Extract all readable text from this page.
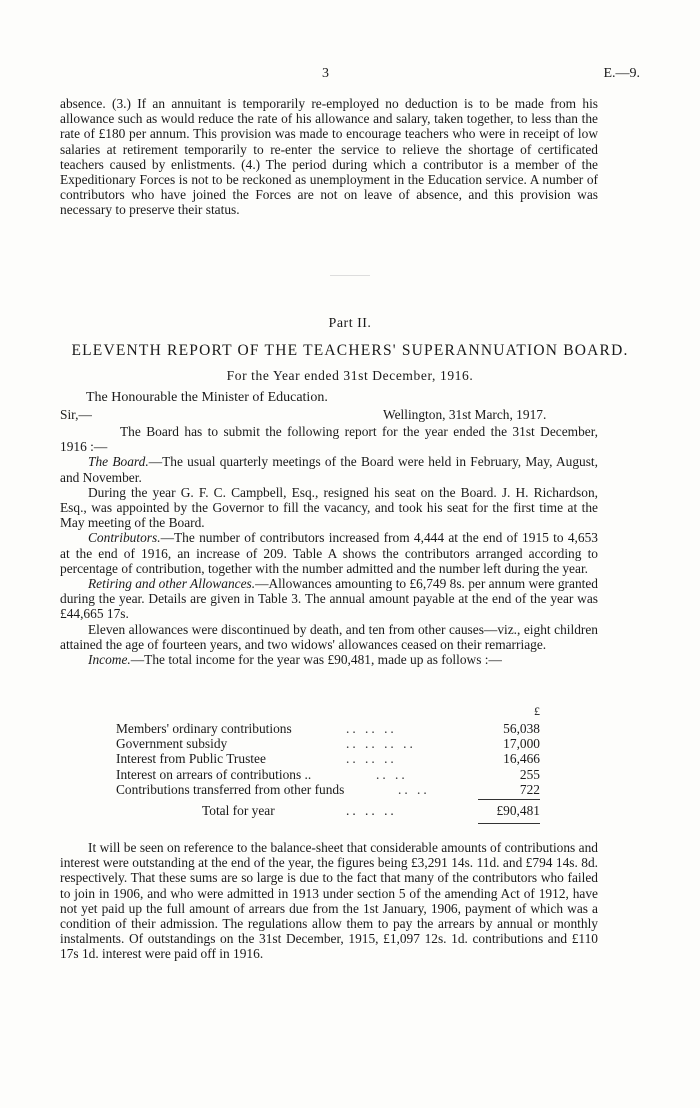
3	E.—9.

absence. (3.) If an annuitant is temporarily re-employed no deduction is to be made from his allowance such as would reduce the rate of his allowance and salary, taken together, to less than the rate of £180 per annum. This provision was made to encourage teachers who were in receipt of low salaries at retirement temporarily to re-enter the service to relieve the shortage of certificated teachers caused by enlistments. (4.) The period during which a contributor is a member of the Expeditionary Forces is not to be reckoned as unemployment in the Education service. A number of contributors who have joined the Forces are not on leave of absence, and this provision was necessary to preserve their status.

Part II.
ELEVENTH REPORT OF THE TEACHERS' SUPERANNUATION BOARD.
For the Year ended 31st December, 1916.
The Honourable the Minister of Education.
Sir,—	Wellington, 31st March, 1917.

The Board has to submit the following report for the year ended the 31st December, 1916 :—

The Board.—The usual quarterly meetings of the Board were held in February, May, August, and November.

During the year G. F. C. Campbell, Esq., resigned his seat on the Board. J. H. Richardson, Esq., was appointed by the Governor to fill the vacancy, and took his seat for the first time at the May meeting of the Board.

Contributors.—The number of contributors increased from 4,444 at the end of 1915 to 4,653 at the end of 1916, an increase of 209. Table A shows the contributors arranged according to percentage of contribution, together with the number admitted and the number left during the year.

Retiring and other Allowances.—Allowances amounting to £6,749 8s. per annum were granted during the year. Details are given in Table 3. The annual amount payable at the end of the year was £44,665 17s.

Eleven allowances were discontinued by death, and ten from other causes—viz., eight children attained the age of fourteen years, and two widows' allowances ceased on their remarriage.

Income.—The total income for the year was £90,481, made up as follows :—

£
Members' ordinary contributions	.. .. ..	56,038
Government subsidy	.. .. .. ..	17,000
Interest from Public Trustee	.. .. ..	16,466
Interest on arrears of contributions ..	.. ..	255
Contributions transferred from other funds	.. ..	722
Total for year	.. .. ..	£90,481

It will be seen on reference to the balance-sheet that considerable amounts of contributions and interest were outstanding at the end of the year, the figures being £3,291 14s. 11d. and £794 14s. 8d. respectively. That these sums are so large is due to the fact that many of the contributors who failed to join in 1906, and who were admitted in 1913 under section 5 of the amending Act of 1912, have not yet paid up the full amount of arrears due from the 1st January, 1906, payment of which was a condition of their admission. The regulations allow them to pay the arrears by annual or monthly instalments. Of outstandings on the 31st December, 1915, £1,097 12s. 1d. contributions and £110 17s 1d. interest were paid off in 1916.
